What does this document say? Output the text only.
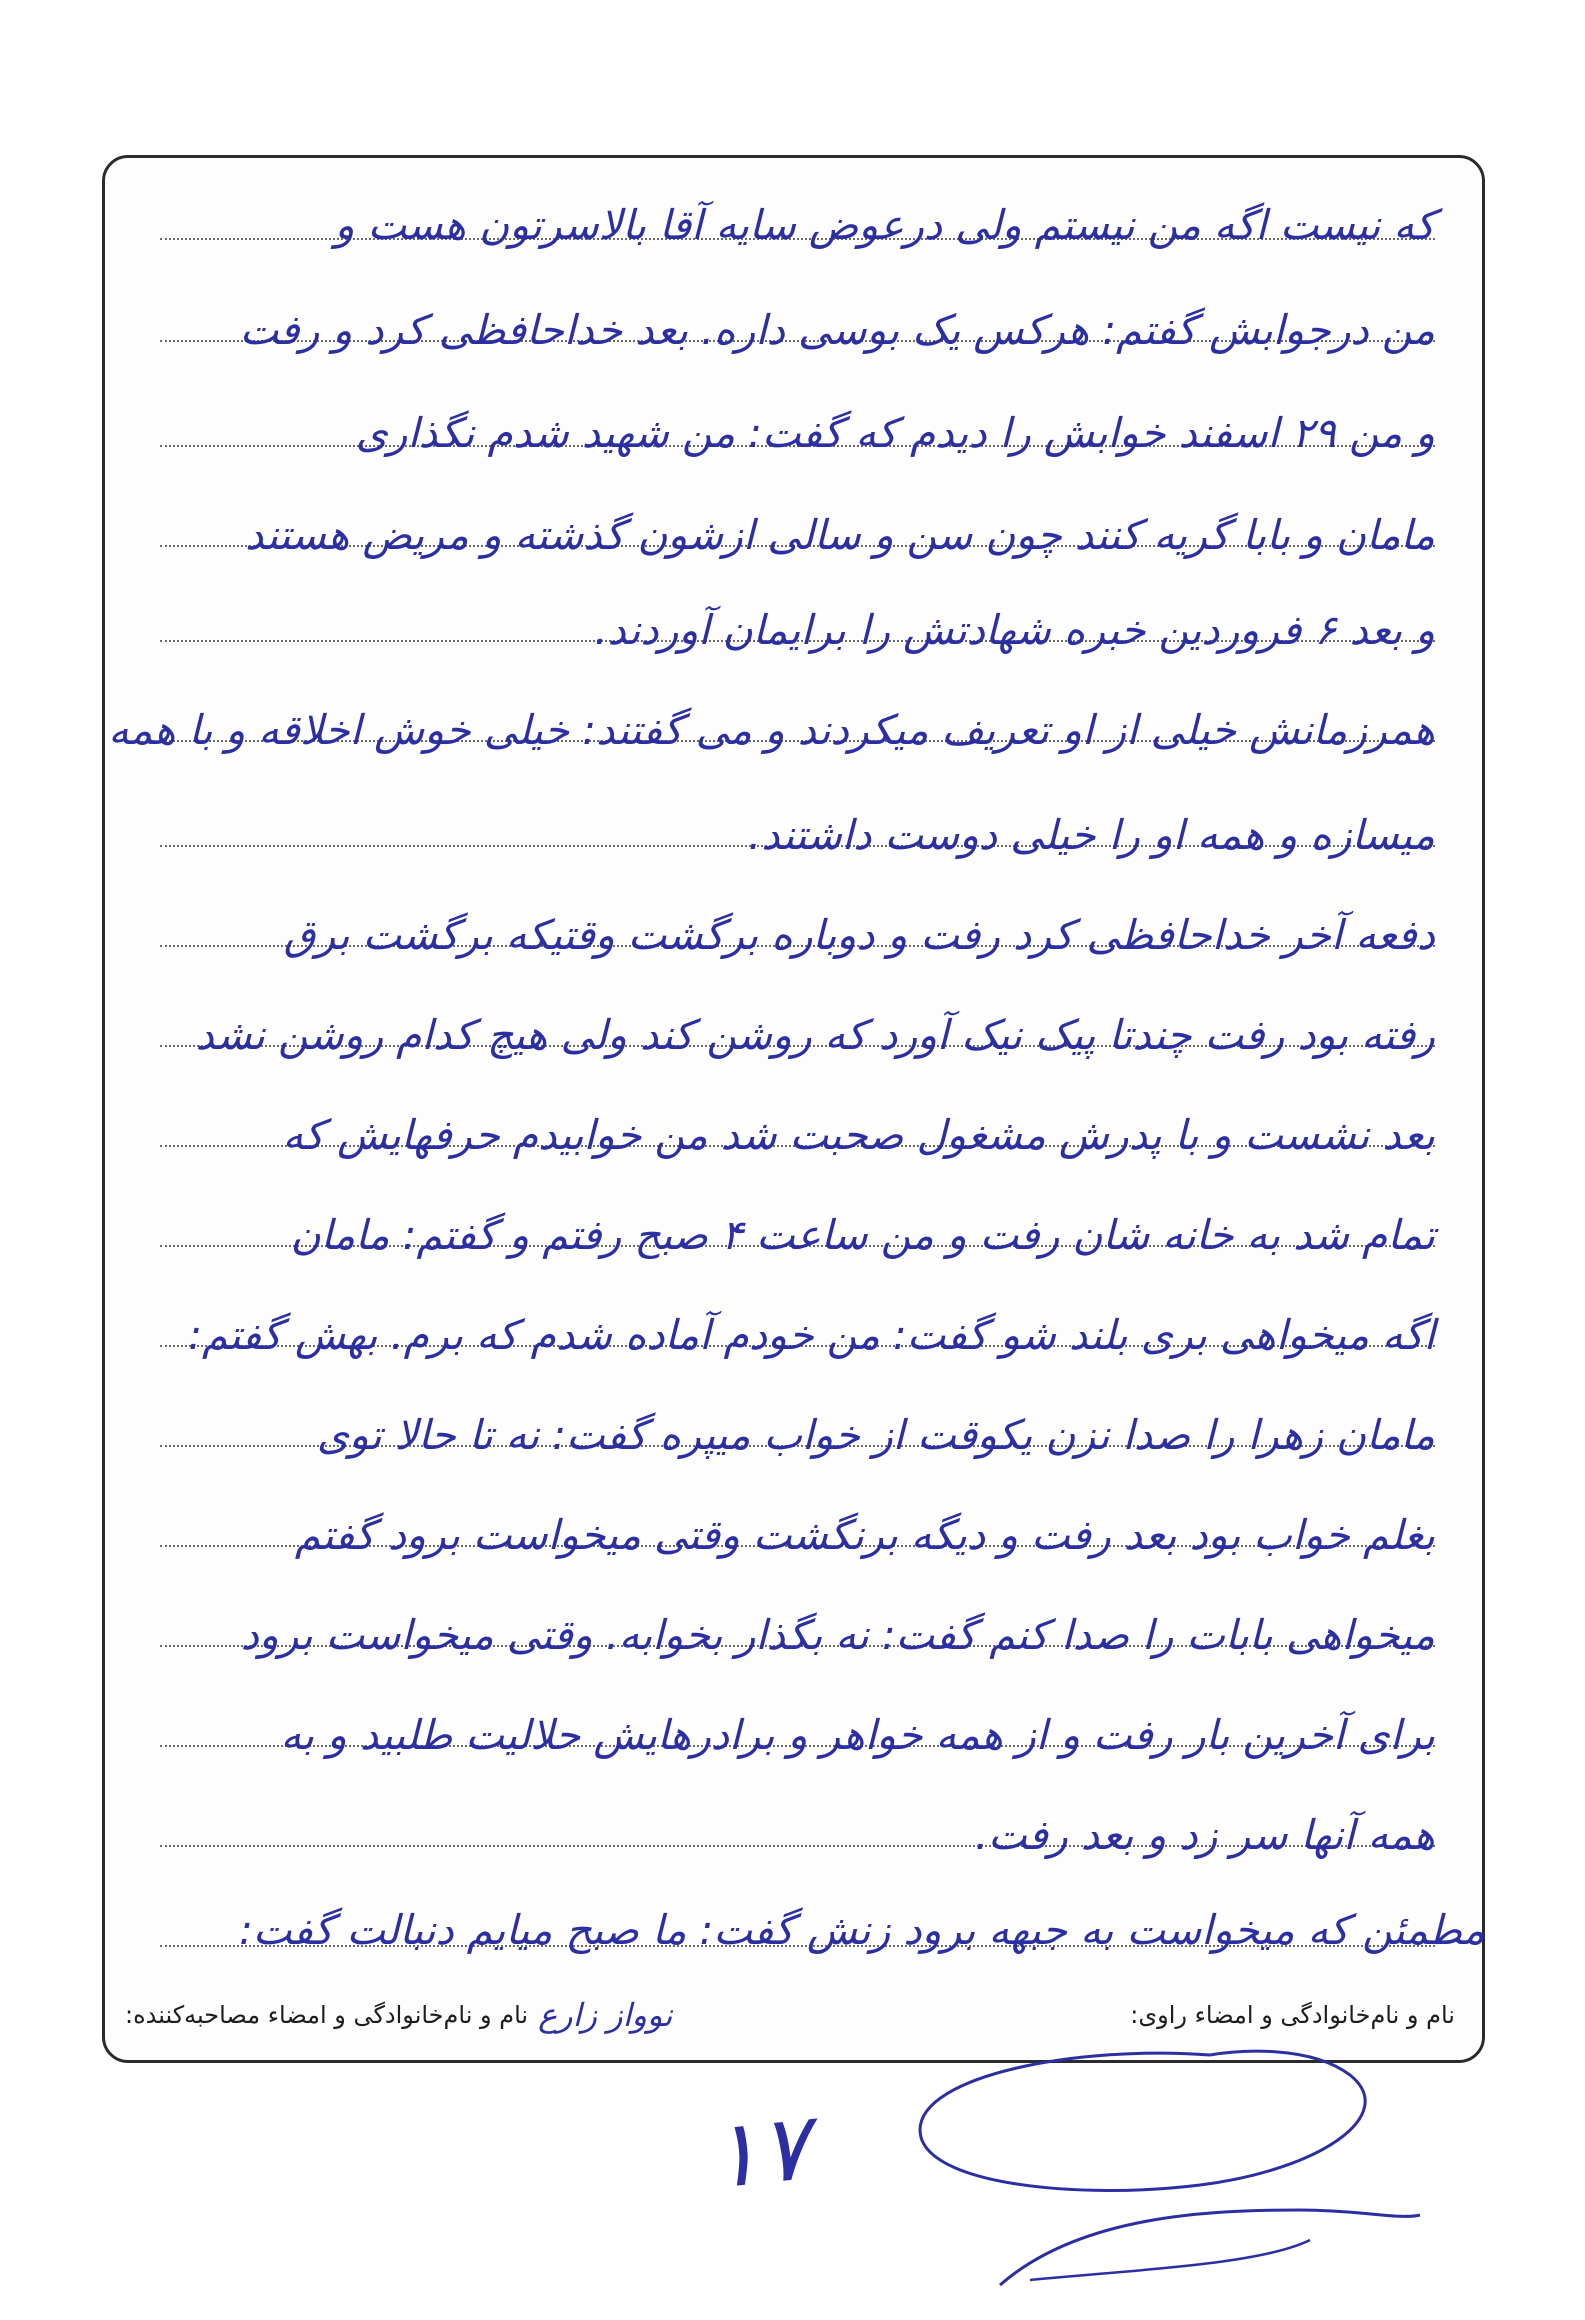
ﮐﻪ نیست اگه من نیستم ولی درعوض سایه آقا بالاسرتون هست و
من درجوابش گفتم: هرکس یک بوسی داره. بعد خداحافظی کرد و رفت
و من ۲۹ اسفند خوابش را دیدم که گفت: من شهید شدم نگذاری
مامان و بابا گریه کنند چون سن و سالی ازشون گذشته و مریض هستند
و بعد ۶ فروردین خبره شهادتش را برایمان آوردند.
همرزمانش خیلی از او تعریف میکردند و می گفتند: خیلی خوش اخلاقه و با همه
میسازه و همه او را خیلی دوست داشتند.
دفعه آخر خداحافظی کرد رفت و دوباره برگشت وقتیکه برگشت برق
رفته بود رفت چندتا پیک نیک آورد که روشن کند ولی هیچ کدام روشن نشد
بعد نشست و با پدرش مشغول صحبت شد من خوابیدم حرفهایش که
تمام شد به خانه شان رفت و من ساعت ۴ صبح رفتم و گفتم: مامان
اگه میخواهی بری بلند شو گفت: من خودم آماده شدم که برم. بهش گفتم:
مامان زهرا را صدا نزن یکوقت از خواب میپره گفت: نه تا حالا توی
بغلم خواب بود بعد رفت و دیگه برنگشت وقتی میخواست برود گفتم
میخواهی بابات را صدا کنم گفت: نه بگذار بخوابه. وقتی میخواست برود
برای آخرین بار رفت و از همه خواهر و برادرهایش حلالیت طلبید و به
همه آنها سر زد و بعد رفت.
مطمئن که میخواست به جبهه برود زنش گفت: ما صبح میایم دنبالت گفت:
نام و نام‌خانوادگی و امضاء راوی:
نوواز زارع
نام و نام‌خانوادگی و امضاء مصاحبه‌کننده:
۱۷
